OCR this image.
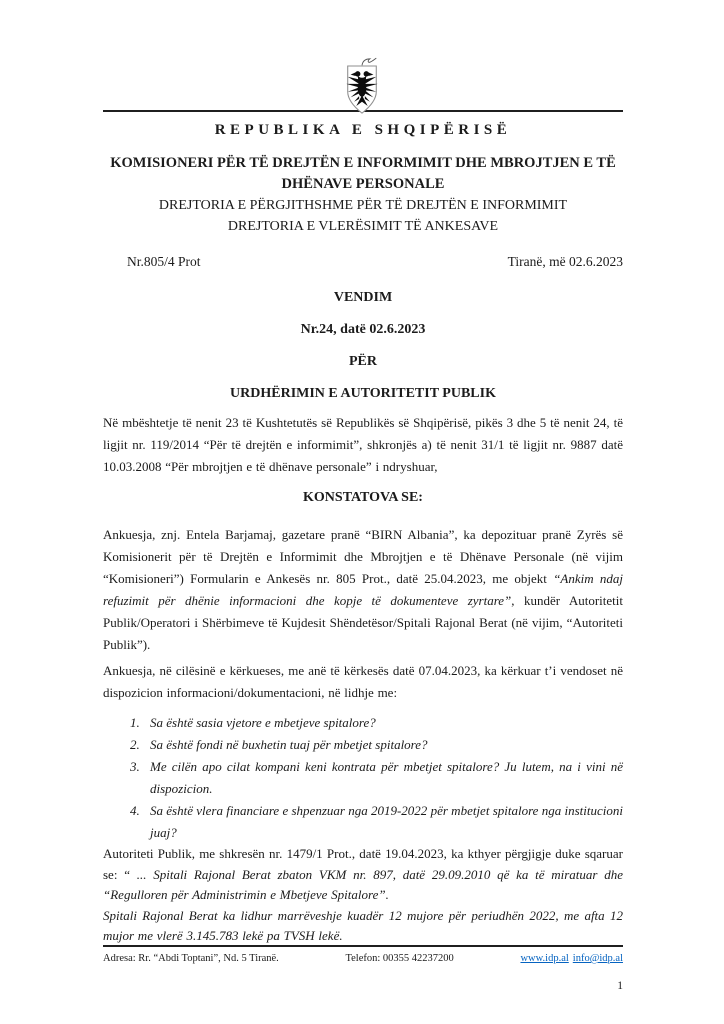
REPUBLIKA E SHQIPËRISË
KOMISIONERI PËR TË DREJTËN E INFORMIMIT DHE MBROJTJEN E TË
DHËNAVE PERSONALE
DREJTORIA E PËRGJITHSHME PËR TË DREJTËN E INFORMIMIT
DREJTORIA E VLERËSIMIT TË ANKESAVE
Nr.805/4 Prot	Tiranë, më 02.6.2023
VENDIM
Nr.24, datë 02.6.2023
PËR
URDHËRIMIN E AUTORITETIT PUBLIK

Në mbështetje të nenit 23 të Kushtetutës së Republikës së Shqipërisë, pikës 3 dhe 5 të nenit 24, të ligjit nr. 119/2014 “Për të drejtën e informimit”, shkronjës a) të nenit 31/1 të ligjit nr. 9887 datë 10.03.2008 “Për mbrojtjen e të dhënave personale” i ndryshuar,

KONSTATOVA SE:

Ankuesja, znj. Entela Barjamaj, gazetare pranë “BIRN Albania”, ka depozituar pranë Zyrës së Komisionerit për të Drejtën e Informimit dhe Mbrojtjen e të Dhënave Personale (në vijim “Komisioneri”) Formularin e Ankesës nr. 805 Prot., datë 25.04.2023, me objekt “Ankim ndaj refuzimit për dhënie informacioni dhe kopje të dokumenteve zyrtare”, kundër Autoritetit Publik/Operatori i Shërbimeve të Kujdesit Shëndetësor/Spitali Rajonal Berat (në vijim, “Autoriteti Publik”).

Ankuesja, në cilësinë e kërkueses, me anë të kërkesës datë 07.04.2023, ka kërkuar t’i vendoset në dispozicion informacioni/dokumentacioni, në lidhje me:

1. Sa është sasia vjetore e mbetjeve spitalore?
2. Sa është fondi në buxhetin tuaj për mbetjet spitalore?
3. Me cilën apo cilat kompani keni kontrata për mbetjet spitalore? Ju lutem, na i vini në dispozicion.
4. Sa është vlera financiare e shpenzuar nga 2019-2022 për mbetjet spitalore nga institucioni juaj?

Autoriteti Publik, me shkresën nr. 1479/1 Prot., datë 19.04.2023, ka kthyer përgjigje duke sqaruar se: “ ... Spitali Rajonal Berat zbaton VKM nr. 897, datë 29.09.2010 që ka të miratuar dhe “Regulloren për Administrimin e Mbetjeve Spitalore”.
Spitali Rajonal Berat ka lidhur marrëveshje kuadër 12 mujore për periudhën 2022, me afta 12 mujor me vlerë 3.145.783 lekë pa TVSH lekë.

Adresa: Rr. “Abdi Toptani”, Nd. 5 Tiranë.	Telefon: 00355 42237200	www.idp.al info@idp.al
1
